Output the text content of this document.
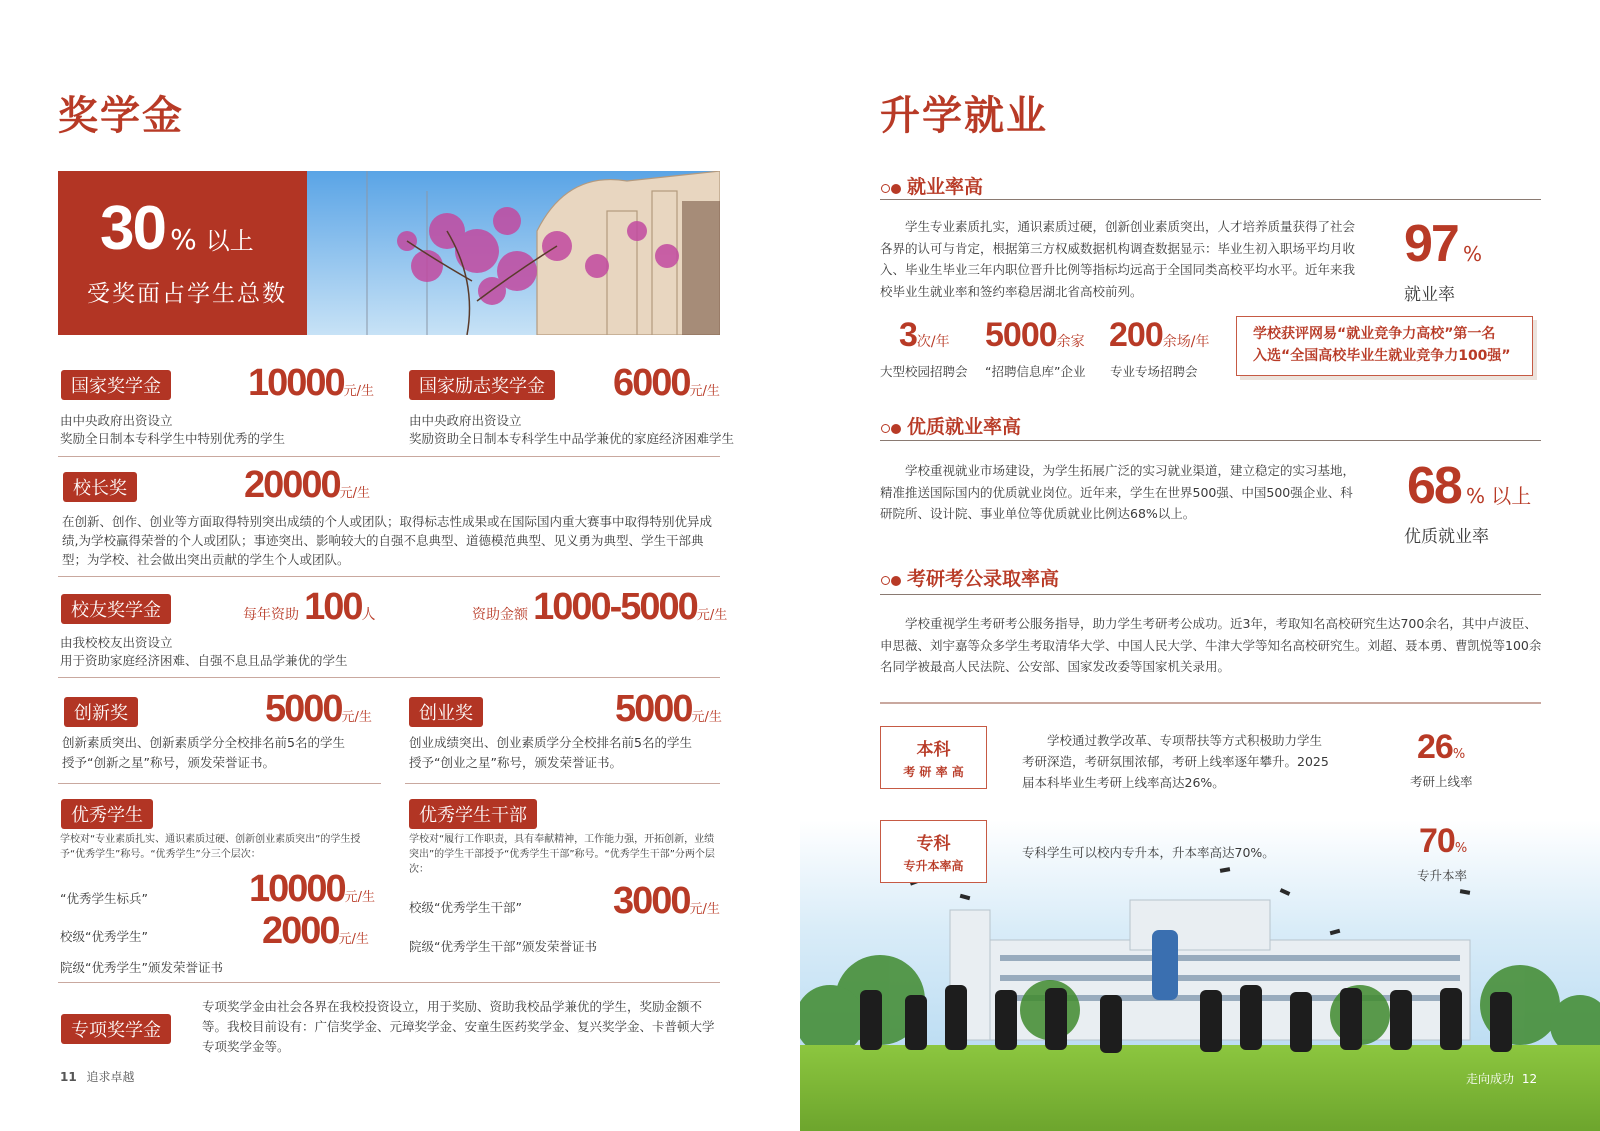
奖学金
30 % 以上
受奖面占学生总数
国家奖学金 10000元/生
由中央政府出资设立
奖励全日制本专科学生中特别优秀的学生
国家励志奖学金 6000元/生
由中央政府出资设立
奖励资助全日制本专科学生中品学兼优的家庭经济困难学生
校长奖	20000元/生
在创新、创作、创业等方面取得特别突出成绩的个人或团队；取得标志性成果或在国际国内重大赛事中取得特别优异成绩,为学校赢得荣誉的个人或团队；事迹突出、影响较大的自强不息典型、道德模范典型、见义勇为典型、学生干部典型；为学校、社会做出突出贡献的学生个人或团队。
校友奖学金	每年资助 100人	资助金额 1000-5000元/生
由我校校友出资设立
用于资助家庭经济困难、自强不息且品学兼优的学生
创新奖	5000元/生
创新素质突出、创新素质学分全校排名前5名的学生
授予“创新之星”称号，颁发荣誉证书。
创业奖	5000元/生
创业成绩突出、创业素质学分全校排名前5名的学生
授予“创业之星”称号，颁发荣誉证书。
优秀学生
学校对“专业素质扎实、通识素质过硬、创新创业素质突出”的学生授予“优秀学生”称号。“优秀学生”分三个层次：
“优秀学生标兵”	10000元/生
校级“优秀学生”	2000元/生
院级“优秀学生”颁发荣誉证书
优秀学生干部
学校对“履行工作职责，具有奉献精神，工作能力强，开拓创新，业绩突出”的学生干部授予“优秀学生干部”称号。“优秀学生干部”分两个层次：
校级“优秀学生干部” 3000元/生
院级“优秀学生干部”颁发荣誉证书
专项奖学金
专项奖学金由社会各界在我校投资设立，用于奖励、资助我校品学兼优的学生，奖励金额不等。我校目前设有：广信奖学金、元璋奖学金、安童生医药奖学金、复兴奖学金、卡普顿大学专项奖学金等。
11 追求卓越
升学就业
就业率高
学生专业素质扎实，通识素质过硬，创新创业素质突出，人才培养质量获得了社会各界的认可与肯定，根据第三方权威数据机构调查数据显示：毕业生初入职场平均月收入、毕业生毕业三年内职位晋升比例等指标均远高于全国同类高校平均水平。近年来我校毕业生就业率和签约率稳居湖北省高校前列。
97 %
就业率
3次/年
大型校园招聘会
5000余家
“招聘信息库”企业
200余场/年
专业专场招聘会
学校获评网易“就业竞争力高校”第一名
入选“全国高校毕业生就业竞争力100强”
优质就业率高
学校重视就业市场建设，为学生拓展广泛的实习就业渠道，建立稳定的实习基地，精准推送国际国内的优质就业岗位。近年来，学生在世界500强、中国500强企业、科研院所、设计院、事业单位等优质就业比例达68%以上。	68 % 以上
优质就业率
考研考公录取率高
学校重视学生考研考公服务指导，助力学生考研考公成功。近3年，考取知名高校研究生达700余名，其中卢波臣、申思薇、刘宇嘉等众多学生考取清华大学、中国人民大学、牛津大学等知名高校研究生。刘超、聂本勇、曹凯悦等100余名同学被最高人民法院、公安部、国家发改委等国家机关录用。
本科
考 研 率 高
学校通过教学改革、专项帮扶等方式积极助力学生考研深造，考研氛围浓郁，考研上线率逐年攀升。2025届本科毕业生考研上线率高达26%。
26%
考研上线率
专科
专升本率高
专科学生可以校内专升本，升本率高达70%。	70%
专升本率
走向成功 12
